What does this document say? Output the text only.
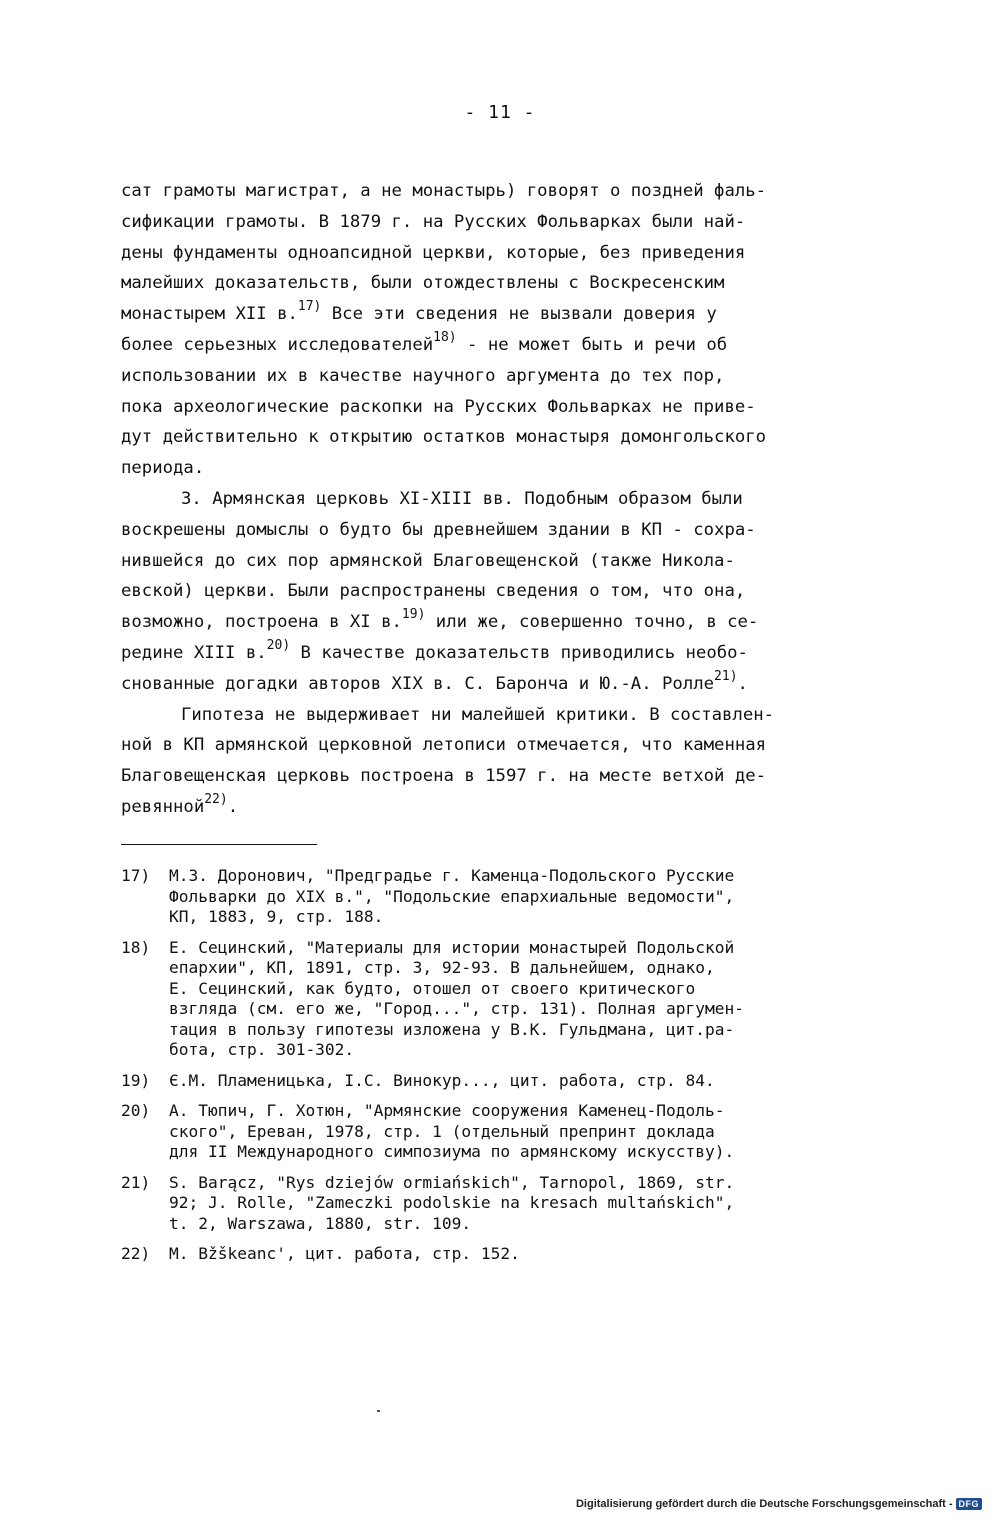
- 11 -
сат грамоты магистрат, а не монастырь) говорят о поздней фаль-
сификации грамоты. В 1879 г. на Русских Фольварках были най-
дены фундаменты одноапсидной церкви, которые, без приведения
малейших доказательств, были отождествлены с Воскресенским
монастырем XII в.$^{17)}$ Все эти сведения не вызвали доверия у
более серьезных исследователей$^{18)}$ - не может быть и речи об
использовании их в качестве научного аргумента до тех пор,
пока археологические раскопки на Русских Фольварках не приве-
дут действительно к открытию остатков монастыря домонгольского
периода.
3. Армянская церковь XI-XIII вв. Подобным образом были
воскрешены домыслы о будто бы древнейшем здании в КП - сохра-
нившейся до сих пор армянской Благовещенской (также Никола-
евской) церкви. Были распространены сведения о том, что она,
возможно, построена в XI в.$^{19)}$ или же, совершенно точно, в се-
редине XIII в.$^{20)}$ В качестве доказательств приводились необо-
снованные догадки авторов XIX в. С. Баронча и Ю.-А. Ролле$^{21)}$.
Гипотеза не выдерживает ни малейшей критики. В составлен-
ной в КП армянской церковной летописи отмечается, что каменная
Благовещенская церковь построена в 1597 г. на месте ветхой де-
ревянной$^{22)}$.
17) М.З. Доронович, "Предградье г. Каменца-Подольского Русские
Фольварки до XIX в.", "Подольские епархиальные ведомости",
КП, 1883, 9, стр. 188.
18) Е. Сецинский, "Материалы для истории монастырей Подольской
епархии", КП, 1891, стр. 3, 92-93. В дальнейшем, однако,
Е. Сецинский, как будто, отошел от своего критического
взгляда (см. его же, "Город...", стр. 131). Полная аргумен-
тация в пользу гипотезы изложена у В.К. Гульдмана, цит.ра-
бота, стр. 301-302.
19) Є.М. Пламеницька, І.С. Винокур..., цит. работа, стр. 84.
20) А. Тюпич, Г. Хотюн, "Армянские сооружения Каменец-Подоль-
ского", Ереван, 1978, стр. 1 (отдельный препринт доклада
для II Международного симпозиума по армянскому искусству).
21) S. Barącz, "Rys dziejów ormiańskich", Tarnopol, 1869, str.
92; J. Rolle, "Zameczki podolskie na kresach multańskich",
t. 2, Warszawa, 1880, str. 109.
22) M. Bžškeanc', цит. работа, стр. 152.
Digitalisierung gefördert durch die Deutsche Forschungsgemeinschaft - DFG
